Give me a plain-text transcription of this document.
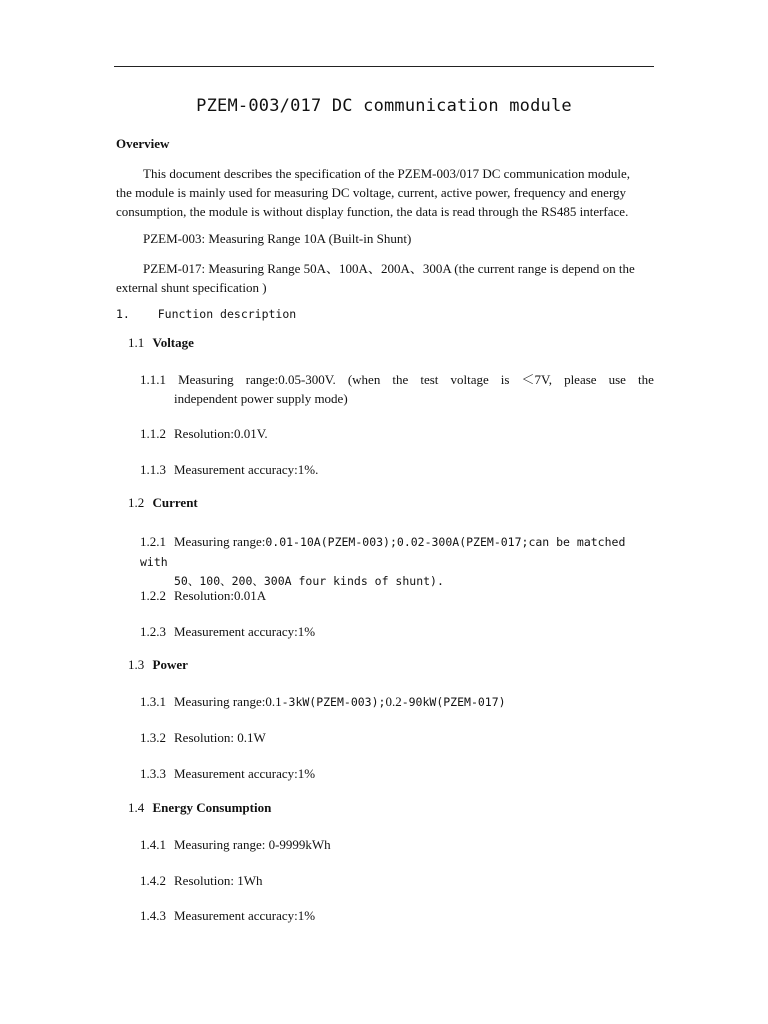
PZEM-003/017 DC communication module
Overview
This document describes the specification of the PZEM-003/017 DC communication module,
the module is mainly used for measuring DC voltage, current, active power, frequency and energy
consumption, the module is without display function, the data is read through the RS485 interface.
PZEM-003: Measuring Range 10A (Built-in Shunt)
PZEM-017: Measuring Range 50A、100A、200A、300A (the current range is depend on the
external shunt specification )
1. Function description
1.1 Voltage
1.1.1 Measuring range:0.05-300V. (when the test voltage is ＜7V, please use the
independent power supply mode)
1.1.2 Resolution:0.01V.
1.1.3 Measurement accuracy:1%.
1.2 Current
1.2.1 Measuring range:0.01-10A(PZEM-003);0.02-300A(PZEM-017;can be matched with
50、100、200、300A four kinds of shunt).
1.2.2 Resolution:0.01A
1.2.3 Measurement accuracy:1%
1.3 Power
1.3.1 Measuring range:0.1-3kW(PZEM-003);0.2-90kW(PZEM-017)
1.3.2 Resolution: 0.1W
1.3.3 Measurement accuracy:1%
1.4 Energy Consumption
1.4.1 Measuring range: 0-9999kWh
1.4.2 Resolution: 1Wh
1.4.3 Measurement accuracy:1%
